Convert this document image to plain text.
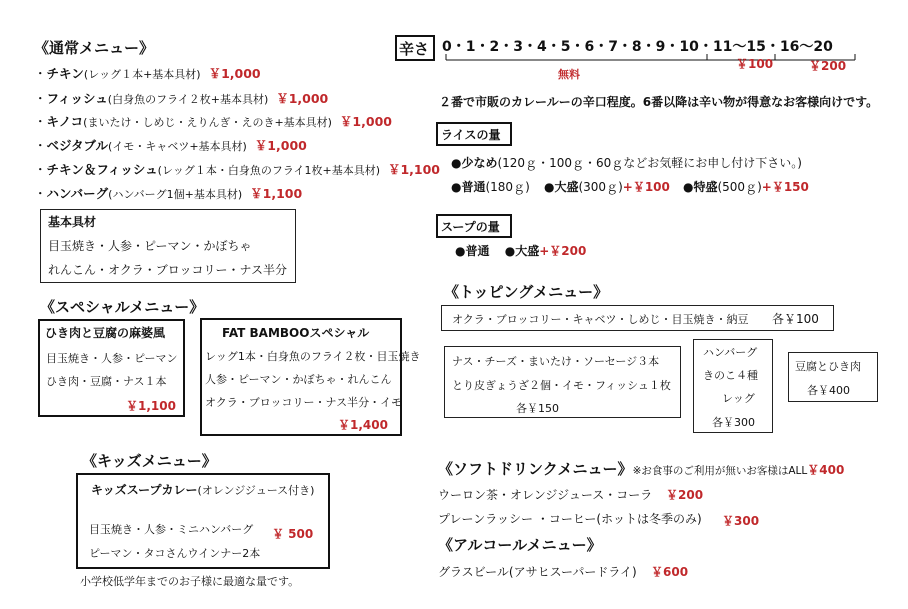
《通常メニュー》
・チキン(レッグ１本+基本具材) ￥1,000
・フィッシュ(白身魚のフライ２枚+基本具材) ￥1,000
・キノコ(まいたけ・しめじ・えりんぎ・えのき+基本具材) ￥1,000
・ベジタブル(イモ・キャベツ+基本具材) ￥1,000
・チキン＆フィッシュ(レッグ１本・白身魚のフライ1枚+基本具材) ￥1,100
・ハンバーグ(ハンバーグ1個+基本具材) ￥1,100
基本具材
目玉焼き・人参・ピーマン・かぼちゃ
れんこん・オクラ・ブロッコリー・ナス半分
《スペシャルメニュー》
ひき肉と豆腐の麻婆風
目玉焼き・人参・ピーマン
ひき肉・豆腐・ナス１本
￥1,100
FAT BAMBOOスペシャル
レッグ1本・白身魚のフライ２枚・目玉焼き
人参・ピーマン・かぼちゃ・れんこん
オクラ・ブロッコリー・ナス半分・イモ
￥1,400
《キッズメニュー》
キッズスープカレー(オレンジジュース付き)
目玉焼き・人参・ミニハンバーグ ￥ 500
ピーマン・タコさんウインナー2本
小学校低学年までのお子様に最適な量です。
辛さ 0・1・2・3・4・5・6・7・8・9・10・11〜15・16〜20
無料
￥100	￥200
２番で市販のカレールーの辛口程度。6番以降は辛い物が得意なお客様向けです。
ライスの量
●少なめ(120ｇ・100ｇ・60ｇなどお気軽にお申し付け下さい。)
●普通(180ｇ) ●大盛(300ｇ)+￥100 ●特盛(500ｇ)+￥150
スープの量
●普通 ●大盛+￥200
《トッピングメニュー》
オクラ・ブロッコリー・キャベツ・しめじ・目玉焼き・納豆 各￥100
ナス・チーズ・まいたけ・ソーセージ３本
とり皮ぎょうざ２個・イモ・フィッシュ１枚
各￥150
ハンバーグ
きのこ４種
レッグ
各￥300
豆腐とひき肉
各￥400
《ソフトドリンクメニュー》※お食事のご利用が無いお客様はALL￥400
ウーロン茶・オレンジジュース・コーラ ￥200
プレーンラッシー ・コーヒー(ホットは冬季のみ) ￥300
《アルコールメニュー》
グラスビール(アサヒスーパードライ) ￥600
